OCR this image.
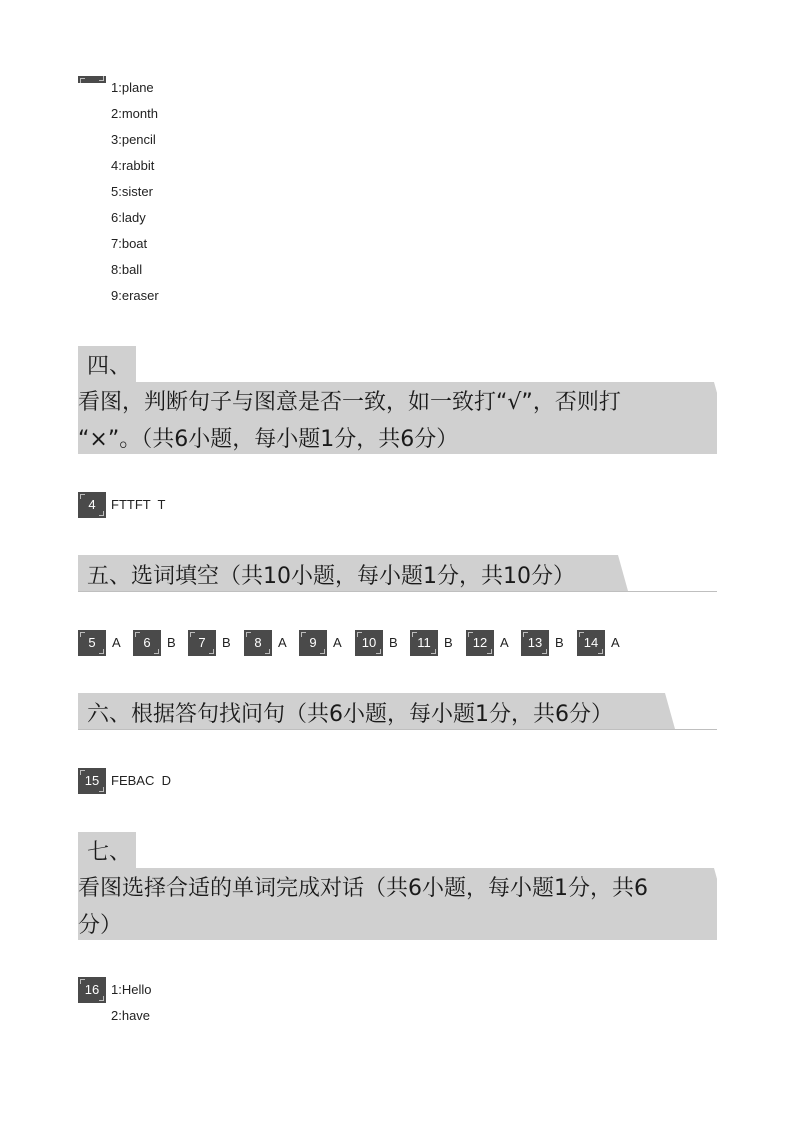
1:plane
2:month
3:pencil
4:rabbit
5:sister
6:lady
7:boat
8:ball
9:eraser
四、
看图，判断句子与图意是否一致，如一致打“√”，否则打
“×”。（共6小题，每小题1分，共6分）
4	FTTFT  T
五、选词填空（共10小题，每小题1分，共10分）
5	A	6	B	7	B	8	A	9	A	10 B	11	B	12 A	13 B	14 A
六、根据答句找问句（共6小题，每小题1分，共6分）
15 FEBAC  D
七、
看图选择合适的单词完成对话（共6小题，每小题1分，共6
分）
16 1:Hello
2:have
